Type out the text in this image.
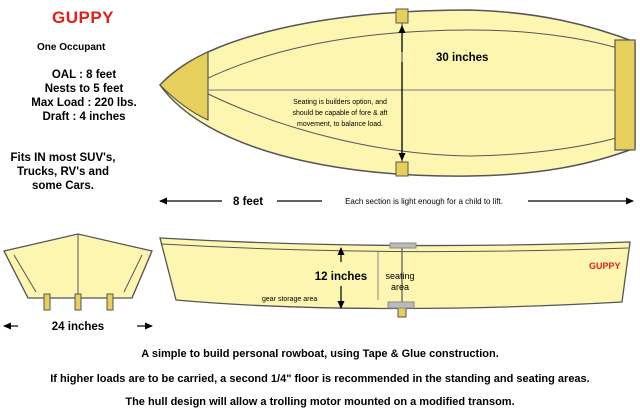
GUPPY
One Occupant
OAL : 8 feet
Nests to 5 feet
Max Load : 220 lbs.
Draft : 4 inches
Fits IN most SUV's,
Trucks, RV's and
some Cars.
30 inches
Seating is builders option, and
should be capable of fore & aft
movement, to balance load.
8 feet	Each section is light enough for a child to lift.
24 inches
12 inches seating
area
gear storage area
GUPPY
A simple to build personal rowboat, using Tape & Glue construction.
If higher loads are to be carried, a second 1/4" floor is recommended in the standing and seating areas.
The hull design will allow a trolling motor mounted on a modified transom.
